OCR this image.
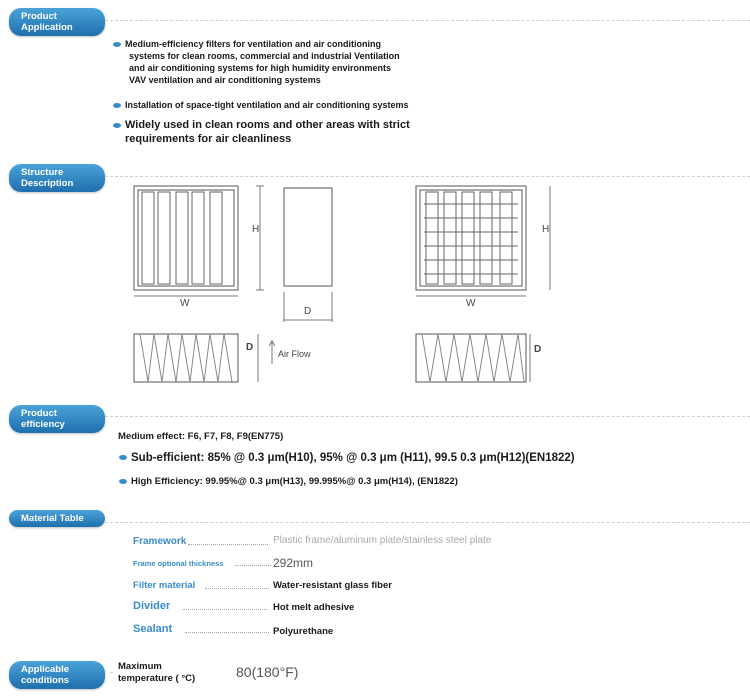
Product
Application
Medium-efficiency filters for ventilation and air conditioning
systems for clean rooms, commercial and industrial Ventilation
and air conditioning systems for high humidity environments
VAV ventilation and air conditioning systems
Installation of space-tight ventilation and air conditioning systems
Widely used in clean rooms and other areas with strict
requirements for air cleanliness
Structure
Description
H
W
D
D
Air Flow
H
W
D
Product
efficiency
Medium effect: F6, F7, F8, F9(EN775)
Sub-efficient: 85% @ 0.3 μm(H10), 95% @ 0.3 μm (H11), 99.5 0.3 μm(H12)(EN1822)
High Efficiency: 99.95%@ 0.3 μm(H13), 99.995%@ 0.3 μm(H14), (EN1822)
Material Table
Framework	Plastic frame/aluminum plate/stainless steel plate
Frame optional thickness	292mm
Filter material	Water-resistant glass fiber
Divider	Hot melt adhesive
Sealant	Polyurethane
Applicable
conditions
Maximum
temperature ( °C)	80(180°F)
